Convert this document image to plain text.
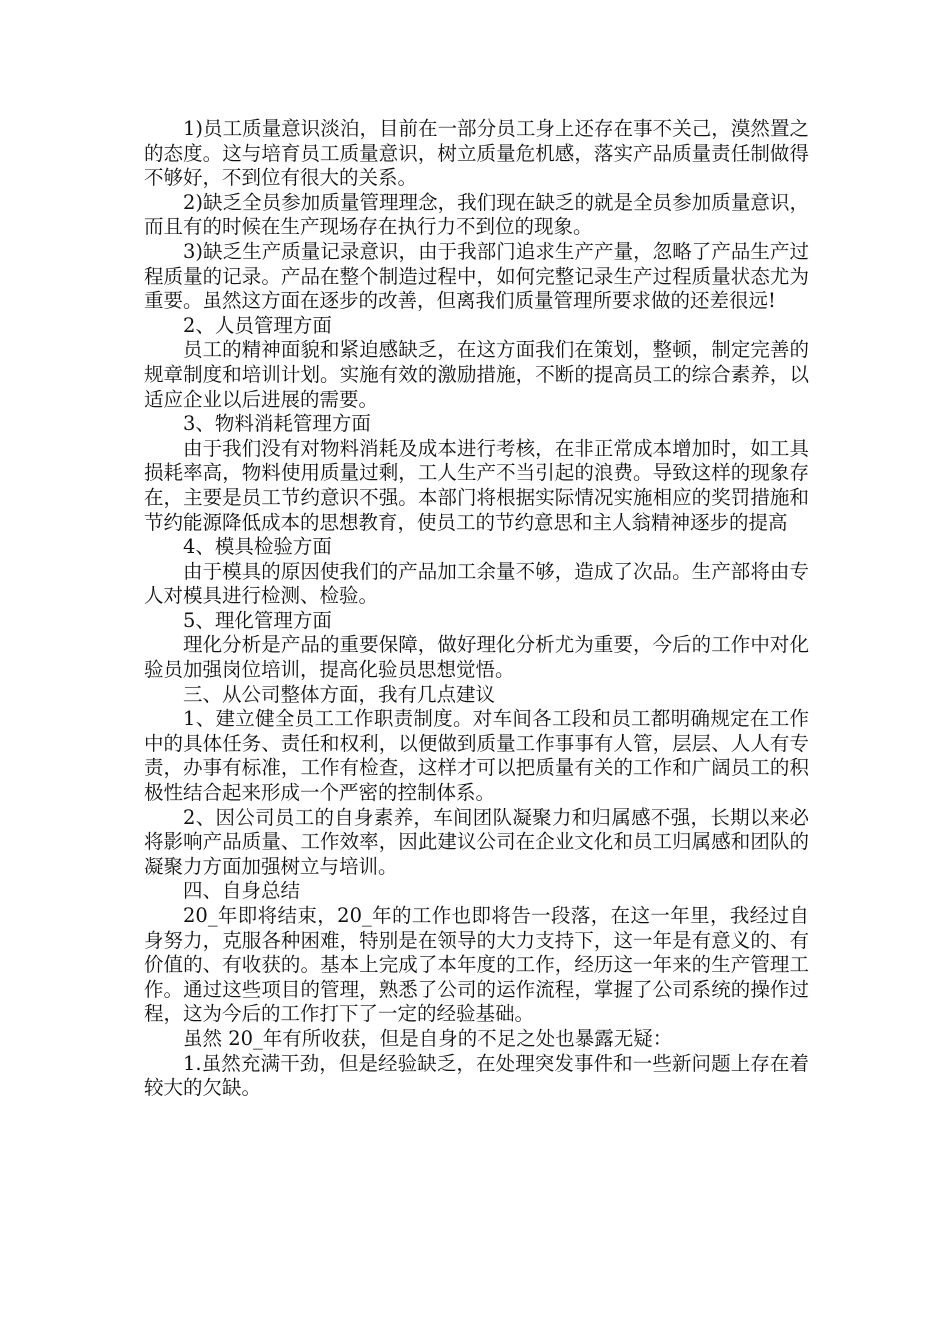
1)员工质量意识淡泊，目前在一部分员工身上还存在事不关己，漠然置之的态度。这与培育员工质量意识，树立质量危机感，落实产品质量责任制做得不够好，不到位有很大的关系。

2)缺乏全员参加质量管理理念，我们现在缺乏的就是全员参加质量意识，而且有的时候在生产现场存在执行力不到位的现象。

3)缺乏生产质量记录意识，由于我部门追求生产产量，忽略了产品生产过程质量的记录。产品在整个制造过程中，如何完整记录生产过程质量状态尤为重要。虽然这方面在逐步的改善，但离我们质量管理所要求做的还差很远!

2、人员管理方面

员工的精神面貌和紧迫感缺乏，在这方面我们在策划，整顿，制定完善的规章制度和培训计划。实施有效的激励措施，不断的提高员工的综合素养，以适应企业以后进展的需要。

3、物料消耗管理方面

由于我们没有对物料消耗及成本进行考核，在非正常成本增加时，如工具损耗率高，物料使用质量过剩，工人生产不当引起的浪费。导致这样的现象存在，主要是员工节约意识不强。本部门将根据实际情况实施相应的奖罚措施和节约能源降低成本的思想教育，使员工的节约意思和主人翁精神逐步的提高

4、模具检验方面

由于模具的原因使我们的产品加工余量不够，造成了次品。生产部将由专人对模具进行检测、检验。

5、理化管理方面

理化分析是产品的重要保障，做好理化分析尤为重要，今后的工作中对化验员加强岗位培训，提高化验员思想觉悟。

三、从公司整体方面，我有几点建议

1、建立健全员工工作职责制度。对车间各工段和员工都明确规定在工作中的具体任务、责任和权利，以便做到质量工作事事有人管，层层、人人有专责，办事有标准，工作有检查，这样才可以把质量有关的工作和广阔员工的积极性结合起来形成一个严密的控制体系。

2、因公司员工的自身素养，车间团队凝聚力和归属感不强，长期以来必将影响产品质量、工作效率，因此建议公司在企业文化和员工归属感和团队的凝聚力方面加强树立与培训。

四、自身总结

20_年即将结束，20_年的工作也即将告一段落，在这一年里，我经过自身努力，克服各种困难，特别是在领导的大力支持下，这一年是有意义的、有价值的、有收获的。基本上完成了本年度的工作，经历这一年来的生产管理工作。通过这些项目的管理，熟悉了公司的运作流程，掌握了公司系统的操作过程，这为今后的工作打下了一定的经验基础。

虽然 20_年有所收获，但是自身的不足之处也暴露无疑：

1.虽然充满干劲，但是经验缺乏，在处理突发事件和一些新问题上存在着较大的欠缺。
